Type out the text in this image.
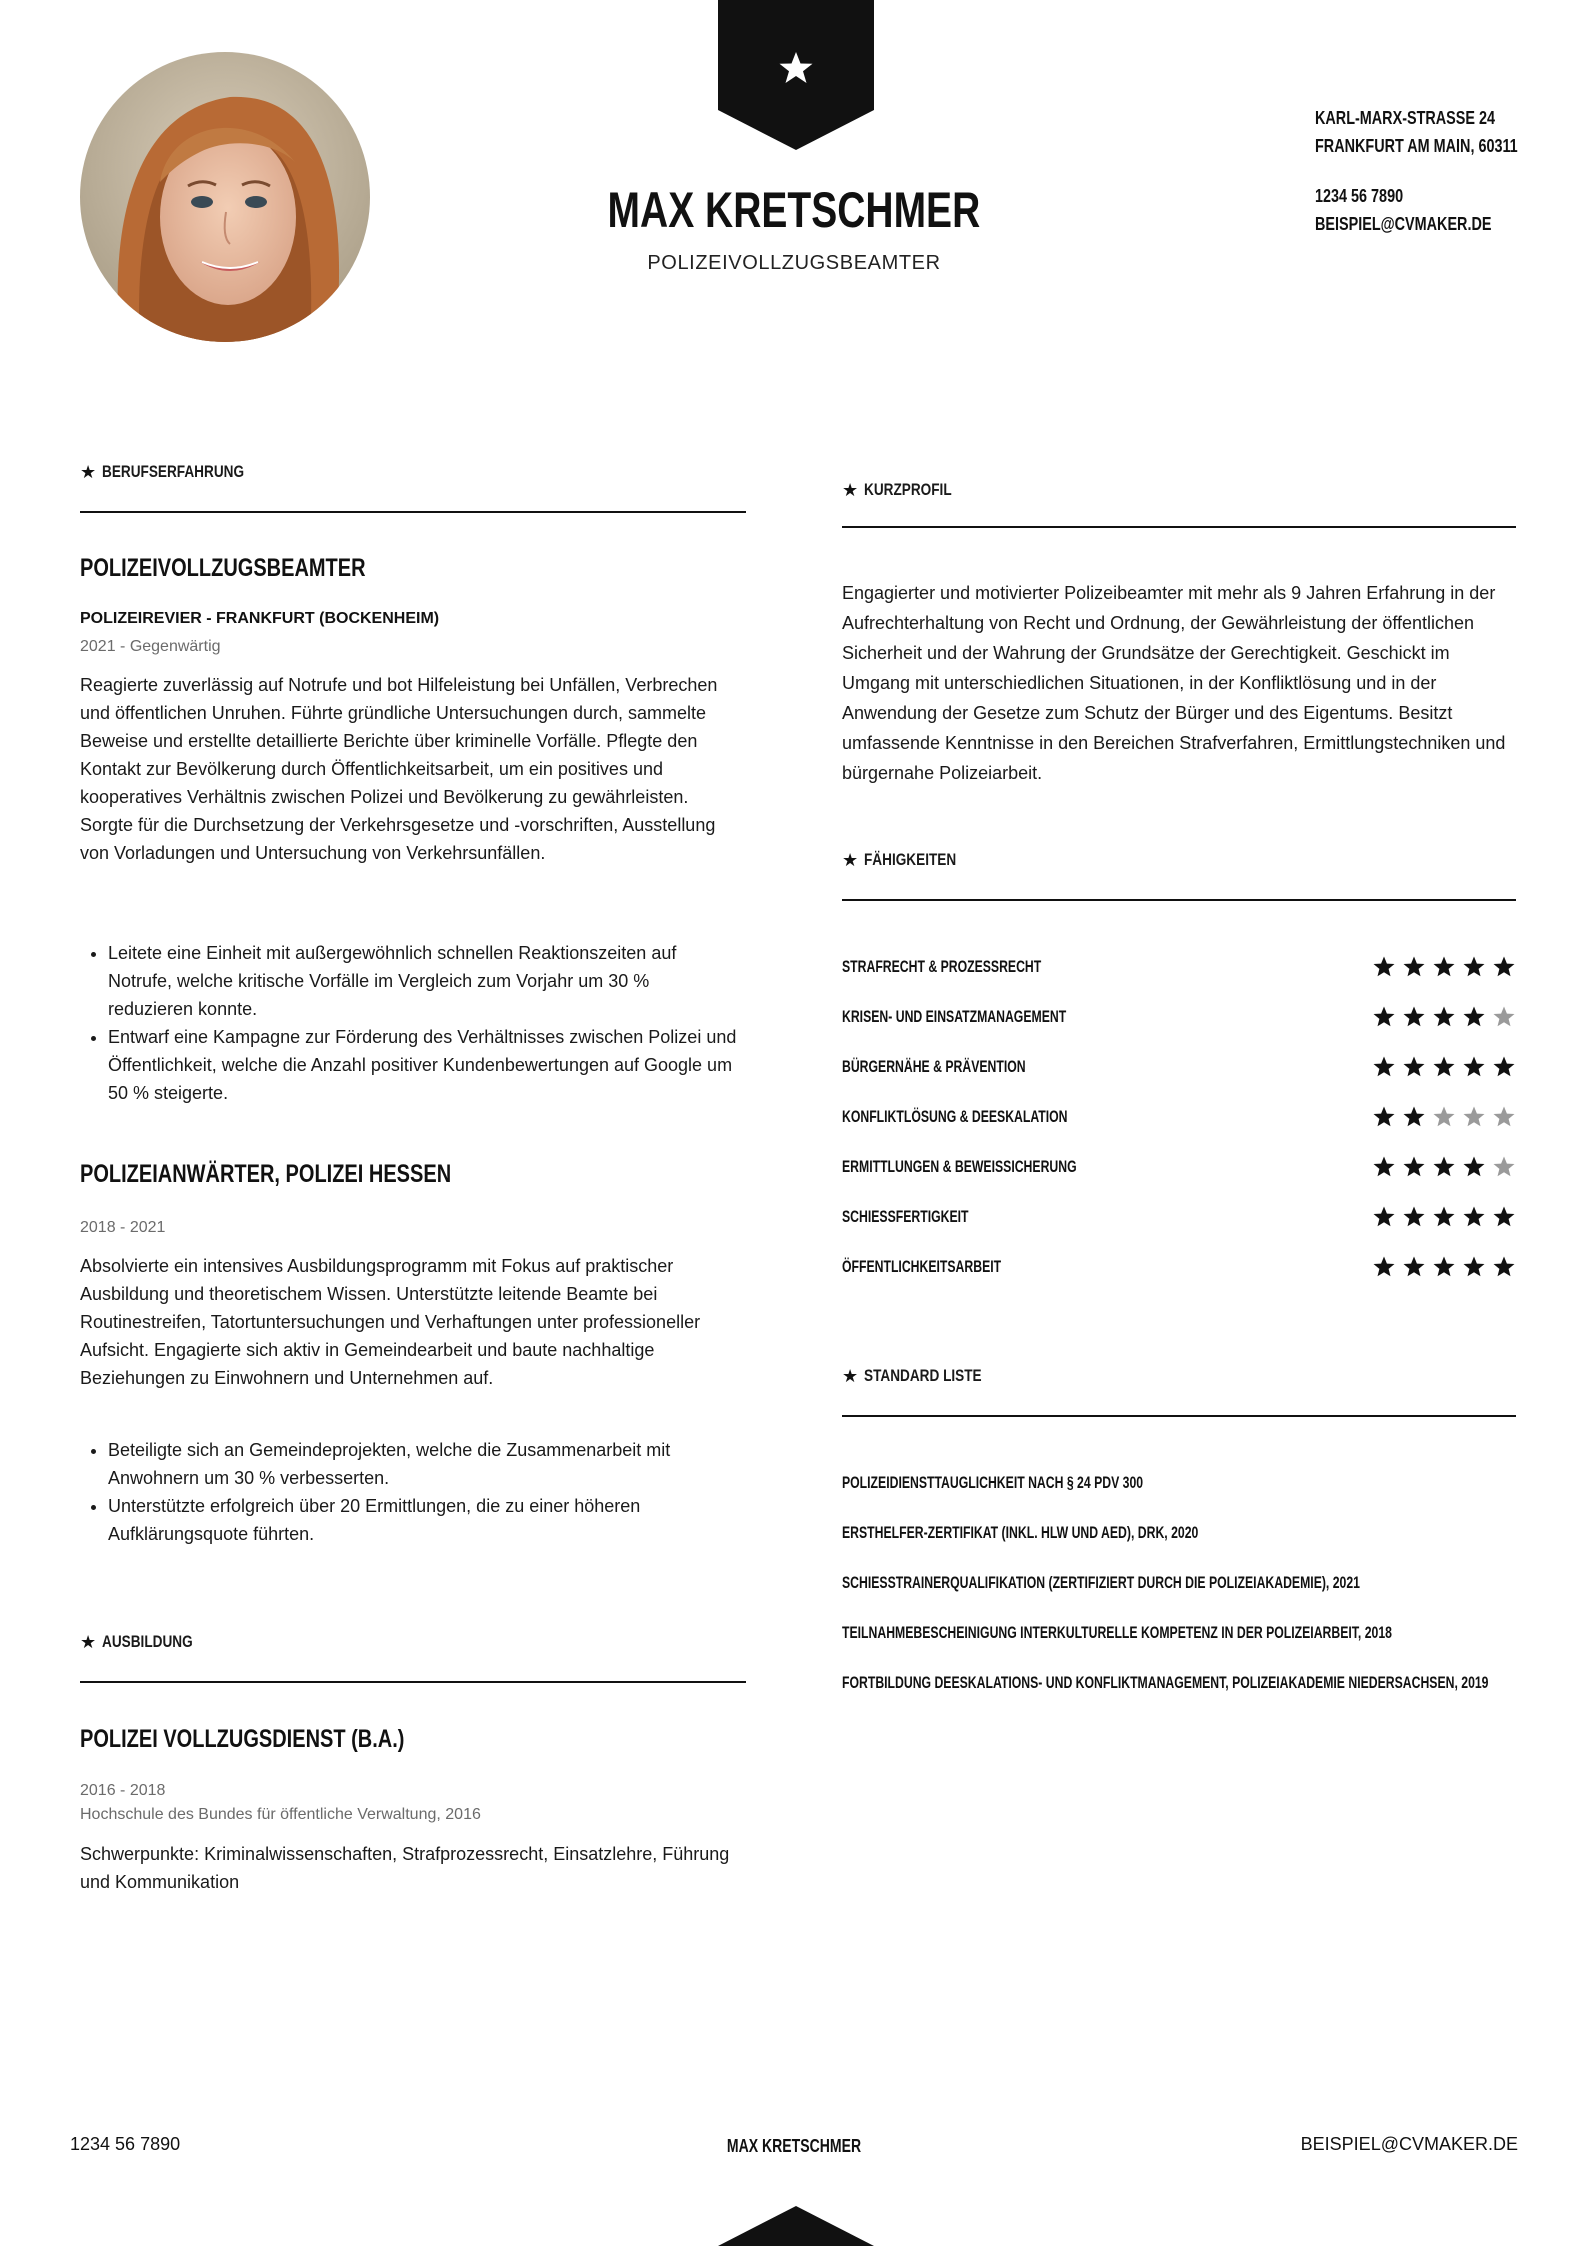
MAX KRETSCHMER
POLIZEIVOLLZUGSBEAMTER
KARL-MARX-STRASSE 24
FRANKFURT AM MAIN, 60311
1234 56 7890
BEISPIEL@CVMAKER.DE
★ BERUFSERFAHRUNG
POLIZEIVOLLZUGSBEAMTER
POLIZEIREVIER - FRANKFURT (BOCKENHEIM)
2021 - Gegenwärtig
Reagierte zuverlässig auf Notrufe und bot Hilfeleistung bei Unfällen, Verbrechen und öffentlichen Unruhen. Führte gründliche Untersuchungen durch, sammelte Beweise und erstellte detaillierte Berichte über kriminelle Vorfälle. Pflegte den Kontakt zur Bevölkerung durch Öffentlichkeitsarbeit, um ein positives und kooperatives Verhältnis zwischen Polizei und Bevölkerung zu gewährleisten. Sorgte für die Durchsetzung der Verkehrsgesetze und -vorschriften, Ausstellung von Vorladungen und Untersuchung von Verkehrsunfällen.
• Leitete eine Einheit mit außergewöhnlich schnellen Reaktionszeiten auf Notrufe, welche kritische Vorfälle im Vergleich zum Vorjahr um 30 % reduzieren konnte.
• Entwarf eine Kampagne zur Förderung des Verhältnisses zwischen Polizei und Öffentlichkeit, welche die Anzahl positiver Kundenbewertungen auf Google um 50 % steigerte.
POLIZEIANWÄRTER, POLIZEI HESSEN
2018 - 2021
Absolvierte ein intensives Ausbildungsprogramm mit Fokus auf praktischer Ausbildung und theoretischem Wissen. Unterstützte leitende Beamte bei Routinestreifen, Tatortuntersuchungen und Verhaftungen unter professioneller Aufsicht. Engagierte sich aktiv in Gemeindearbeit und baute nachhaltige Beziehungen zu Einwohnern und Unternehmen auf.
• Beteiligte sich an Gemeindeprojekten, welche die Zusammenarbeit mit Anwohnern um 30 % verbesserten.
• Unterstützte erfolgreich über 20 Ermittlungen, die zu einer höheren Aufklärungsquote führten.
★ AUSBILDUNG
POLIZEI VOLLZUGSDIENST (B.A.)
2016 - 2018
Hochschule des Bundes für öffentliche Verwaltung, 2016
Schwerpunkte: Kriminalwissenschaften, Strafprozessrecht, Einsatzlehre, Führung und Kommunikation
★ KURZPROFIL
Engagierter und motivierter Polizeibeamter mit mehr als 9 Jahren Erfahrung in der Aufrechterhaltung von Recht und Ordnung, der Gewährleistung der öffentlichen Sicherheit und der Wahrung der Grundsätze der Gerechtigkeit. Geschickt im Umgang mit unterschiedlichen Situationen, in der Konfliktlösung und in der Anwendung der Gesetze zum Schutz der Bürger und des Eigentums. Besitzt umfassende Kenntnisse in den Bereichen Strafverfahren, Ermittlungstechniken und bürgernahe Polizeiarbeit.
★ FÄHIGKEITEN
STRAFRECHT & PROZESSRECHT
KRISEN- UND EINSATZMANAGEMENT
BÜRGERNÄHE & PRÄVENTION
KONFLIKTLÖSUNG & DEESKALATION
ERMITTLUNGEN & BEWEISSICHERUNG
SCHIESSFERTIGKEIT
ÖFFENTLICHKEITSARBEIT
★ STANDARD LISTE
POLIZEIDIENSTTAUGLICHKEIT NACH § 24 PDV 300
ERSTHELFER-ZERTIFIKAT (INKL. HLW UND AED), DRK, 2020
SCHIESSTRAINERQUALIFIKATION (ZERTIFIZIERT DURCH DIE POLIZEIAKADEMIE), 2021
TEILNAHMEBESCHEINIGUNG INTERKULTURELLE KOMPETENZ IN DER POLIZEIARBEIT, 2018
FORTBILDUNG DEESKALATIONS- UND KONFLIKTMANAGEMENT, POLIZEIAKADEMIE NIEDERSACHSEN, 2019
1234 56 7890	MAX KRETSCHMER	BEISPIEL@CVMAKER.DE
